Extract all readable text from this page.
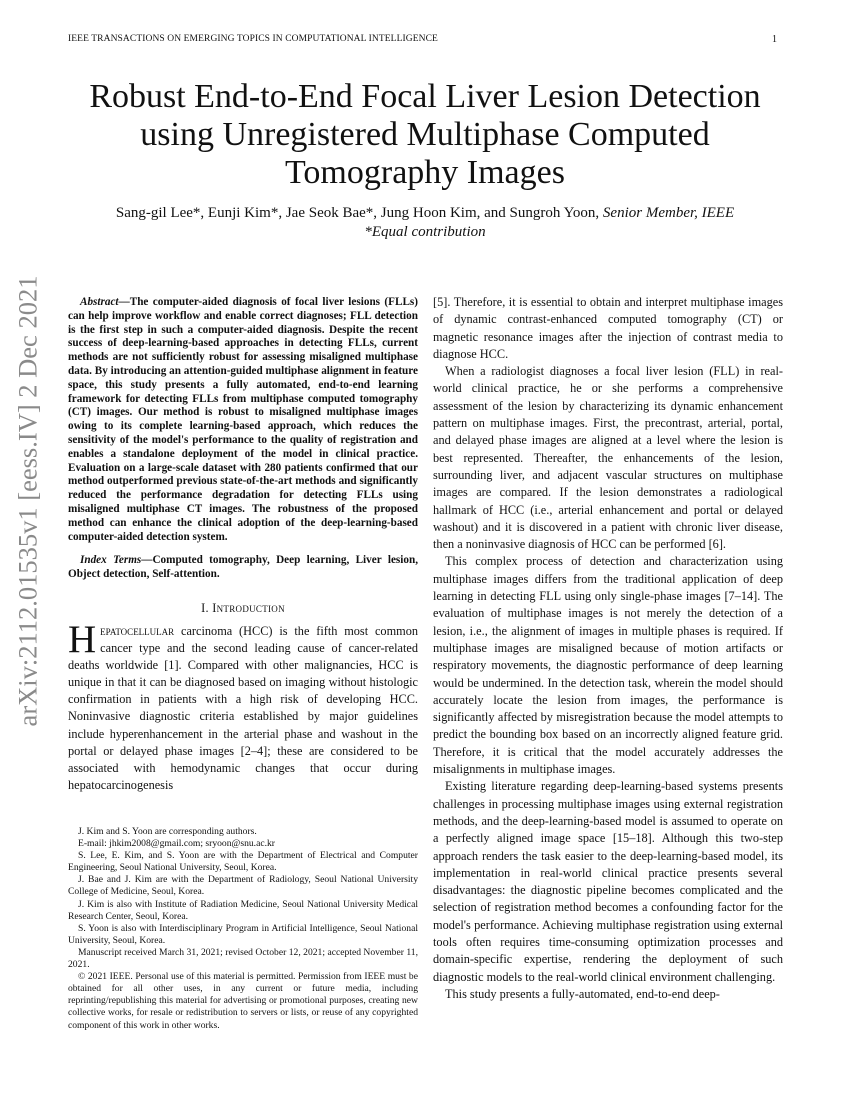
IEEE TRANSACTIONS ON EMERGING TOPICS IN COMPUTATIONAL INTELLIGENCE	1
arXiv:2112.01535v1 [eess.IV] 2 Dec 2021
Robust End-to-End Focal Liver Lesion Detection using Unregistered Multiphase Computed Tomography Images
Sang-gil Lee*, Eunji Kim*, Jae Seok Bae*, Jung Hoon Kim, and Sungroh Yoon, Senior Member, IEEE
*Equal contribution

Abstract—The computer-aided diagnosis of focal liver lesions (FLLs) can help improve workflow and enable correct diagnoses; FLL detection is the first step in such a computer-aided diagnosis. Despite the recent success of deep-learning-based approaches in detecting FLLs, current methods are not sufficiently robust for assessing misaligned multiphase data. By introducing an attention-guided multiphase alignment in feature space, this study presents a fully automated, end-to-end learning framework for detecting FLLs from multiphase computed tomography (CT) images. Our method is robust to misaligned multiphase images owing to its complete learning-based approach, which reduces the sensitivity of the model's performance to the quality of registration and enables a standalone deployment of the model in clinical practice. Evaluation on a large-scale dataset with 280 patients confirmed that our method outperformed previous state-of-the-art methods and significantly reduced the performance degradation for detecting FLLs using misaligned multiphase CT images. The robustness of the proposed method can enhance the clinical adoption of the deep-learning-based computer-aided detection system.

Index Terms—Computed tomography, Deep learning, Liver lesion, Object detection, Self-attention.

I. Introduction

Hepatocellular carcinoma (HCC) is the fifth most common cancer type and the second leading cause of cancer-related deaths worldwide [1]. Compared with other malignancies, HCC is unique in that it can be diagnosed based on imaging without histologic confirmation in patients with a high risk of developing HCC. Noninvasive diagnostic criteria established by major guidelines include hyperenhancement in the arterial phase and washout in the portal or delayed phase images [2–4]; these are considered to be associated with hemodynamic changes that occur during hepatocarcinogenesis

J. Kim and S. Yoon are corresponding authors.

E-mail: jhkim2008@gmail.com; sryoon@snu.ac.kr

S. Lee, E. Kim, and S. Yoon are with the Department of Electrical and Computer Engineering, Seoul National University, Seoul, Korea.

J. Bae and J. Kim are with the Department of Radiology, Seoul National University College of Medicine, Seoul, Korea.

J. Kim is also with Institute of Radiation Medicine, Seoul National University Medical Research Center, Seoul, Korea.

S. Yoon is also with Interdisciplinary Program in Artificial Intelligence, Seoul National University, Seoul, Korea.

Manuscript received March 31, 2021; revised October 12, 2021; accepted November 11, 2021.

© 2021 IEEE. Personal use of this material is permitted. Permission from IEEE must be obtained for all other uses, in any current or future media, including reprinting/republishing this material for advertising or promotional purposes, creating new collective works, for resale or redistribution to servers or lists, or reuse of any copyrighted component of this work in other works.

[5]. Therefore, it is essential to obtain and interpret multiphase images of dynamic contrast-enhanced computed tomography (CT) or magnetic resonance images after the injection of contrast media to diagnose HCC.

When a radiologist diagnoses a focal liver lesion (FLL) in real-world clinical practice, he or she performs a comprehensive assessment of the lesion by characterizing its dynamic enhancement pattern on multiphase images. First, the precontrast, arterial, portal, and delayed phase images are aligned at a level where the lesion is best represented. Thereafter, the enhancements of the lesion, surrounding liver, and adjacent vascular structures on multiphase images are compared. If the lesion demonstrates a radiological hallmark of HCC (i.e., arterial enhancement and portal or delayed washout) and it is discovered in a patient with chronic liver disease, then a noninvasive diagnosis of HCC can be performed [6].

This complex process of detection and characterization using multiphase images differs from the traditional application of deep learning in detecting FLL using only single-phase images [7–14]. The evaluation of multiphase images is not merely the detection of a lesion, i.e., the alignment of images in multiple phases is required. If multiphase images are misaligned because of motion artifacts or respiratory movements, the diagnostic performance of deep learning would be undermined. In the detection task, wherein the model should accurately locate the lesion from images, the performance is significantly affected by misregistration because the model attempts to predict the bounding box based on an incorrectly aligned feature grid. Therefore, it is critical that the model accurately addresses the misalignments in multiphase images.

Existing literature regarding deep-learning-based systems presents challenges in processing multiphase images using external registration methods, and the deep-learning-based model is assumed to operate on a perfectly aligned image space [15–18]. Although this two-step approach renders the task easier to the deep-learning-based model, its implementation in real-world clinical practice presents several disadvantages: the diagnostic pipeline becomes complicated and the selection of registration method becomes a confounding factor for the model's performance. Achieving multiphase registration using external tools often requires time-consuming optimization processes and domain-specific expertise, rendering the deployment of such diagnostic models to the real-world clinical environment challenging.

This study presents a fully-automated, end-to-end deep-
